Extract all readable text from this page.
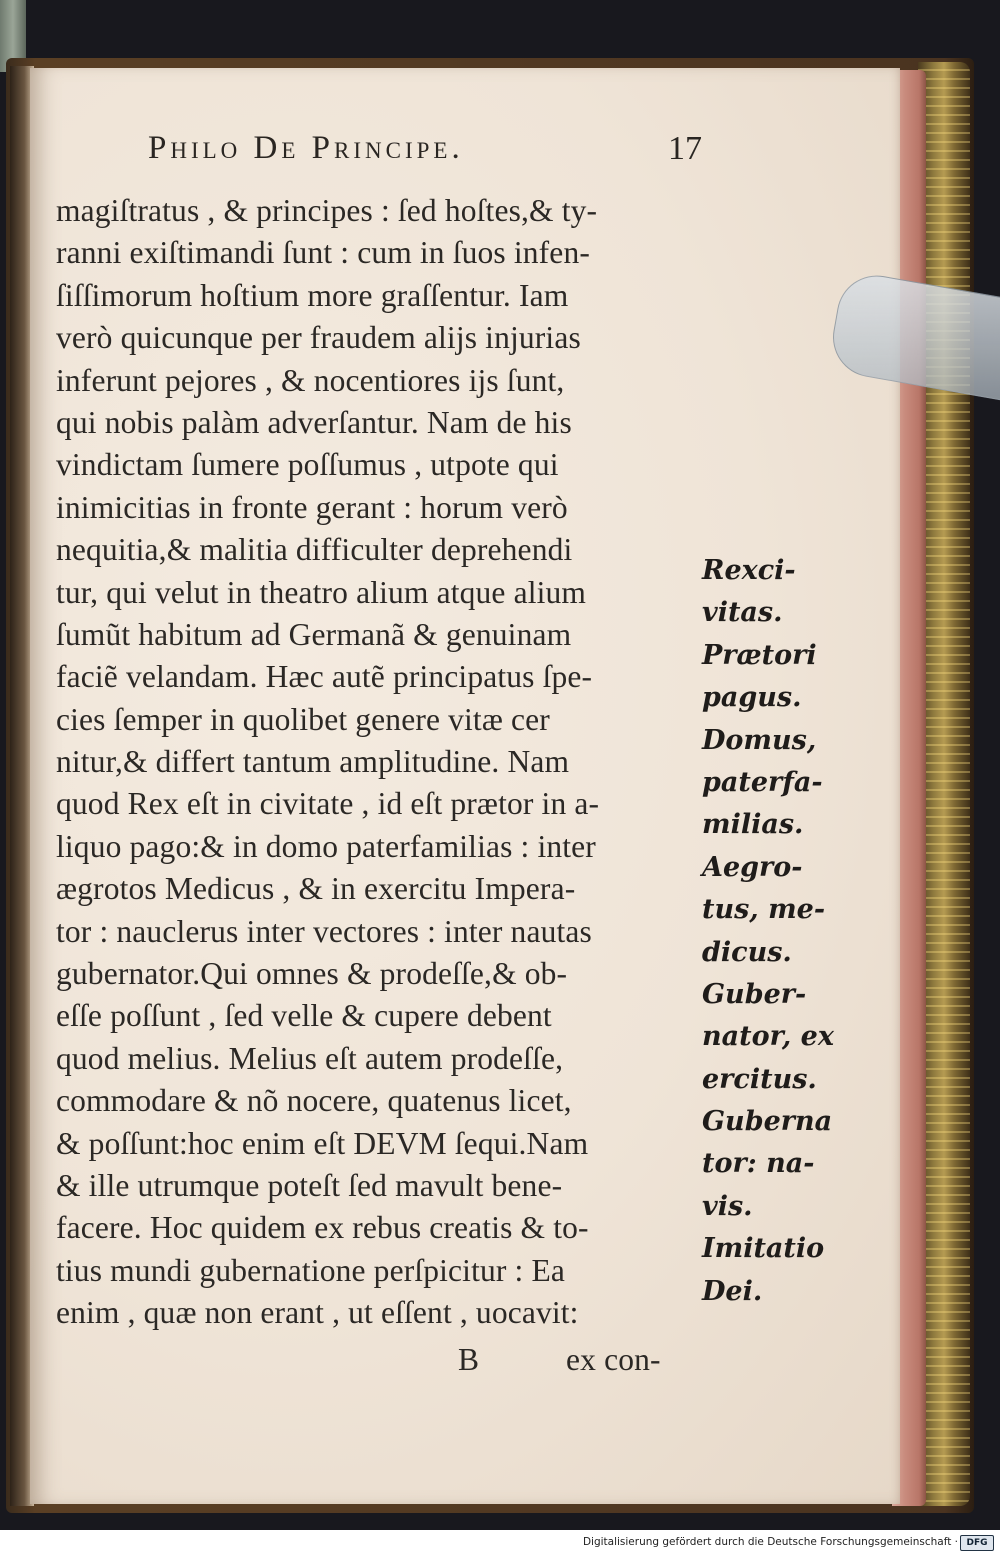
Philo De Principe.	17
magiſtratus , & principes : ſed hoſtes,& ty-
ranni exiſtimandi ſunt : cum in ſuos infen-
ſiſſimorum hoſtium more graſſentur. Iam
verò quicunque per fraudem alijs injurias
inferunt pejores , & nocentiores ijs ſunt,
qui nobis palàm adverſantur. Nam de his
vindictam ſumere poſſumus , utpote qui
inimicitias in fronte gerant : horum verò
nequitia,& malitia difficulter deprehendi
tur, qui velut in theatro alium atque alium
ſumũt habitum ad Germanã & genuinam
faciẽ velandam. Hæc autẽ principatus ſpe-
cies ſemper in quolibet genere vitæ cer
nitur,& differt tantum amplitudine. Nam
quod Rex eſt in civitate , id eſt prætor in a-
liquo pago:& in domo paterfamilias : inter
ægrotos Medicus , & in exercitu Impera-
tor : nauclerus inter vectores : inter nautas
gubernator.Qui omnes & prodeſſe,& ob-
eſſe poſſunt , ſed velle & cupere debent
quod melius. Melius eſt autem prodeſſe,
commodare & nõ nocere, quatenus licet,
& poſſunt:hoc enim eſt DEVM ſequi.Nam
& ille utrumque poteſt ſed mavult bene-
facere. Hoc quidem ex rebus creatis & to-
tius mundi gubernatione perſpicitur : Ea
enim , quæ non erant , ut eſſent , uocavit:
B	ex con-
Rexci-
vitas.
Prætori
pagus.
Domus,
paterfa-
milias.
Aegro-
tus, me-
dicus.
Guber-
nator, ex
ercitus.
Guberna
tor: na-
vis.
Imitatio
Dei.
Digitalisierung gefördert durch die Deutsche Forschungsgemeinschaft · DFG
